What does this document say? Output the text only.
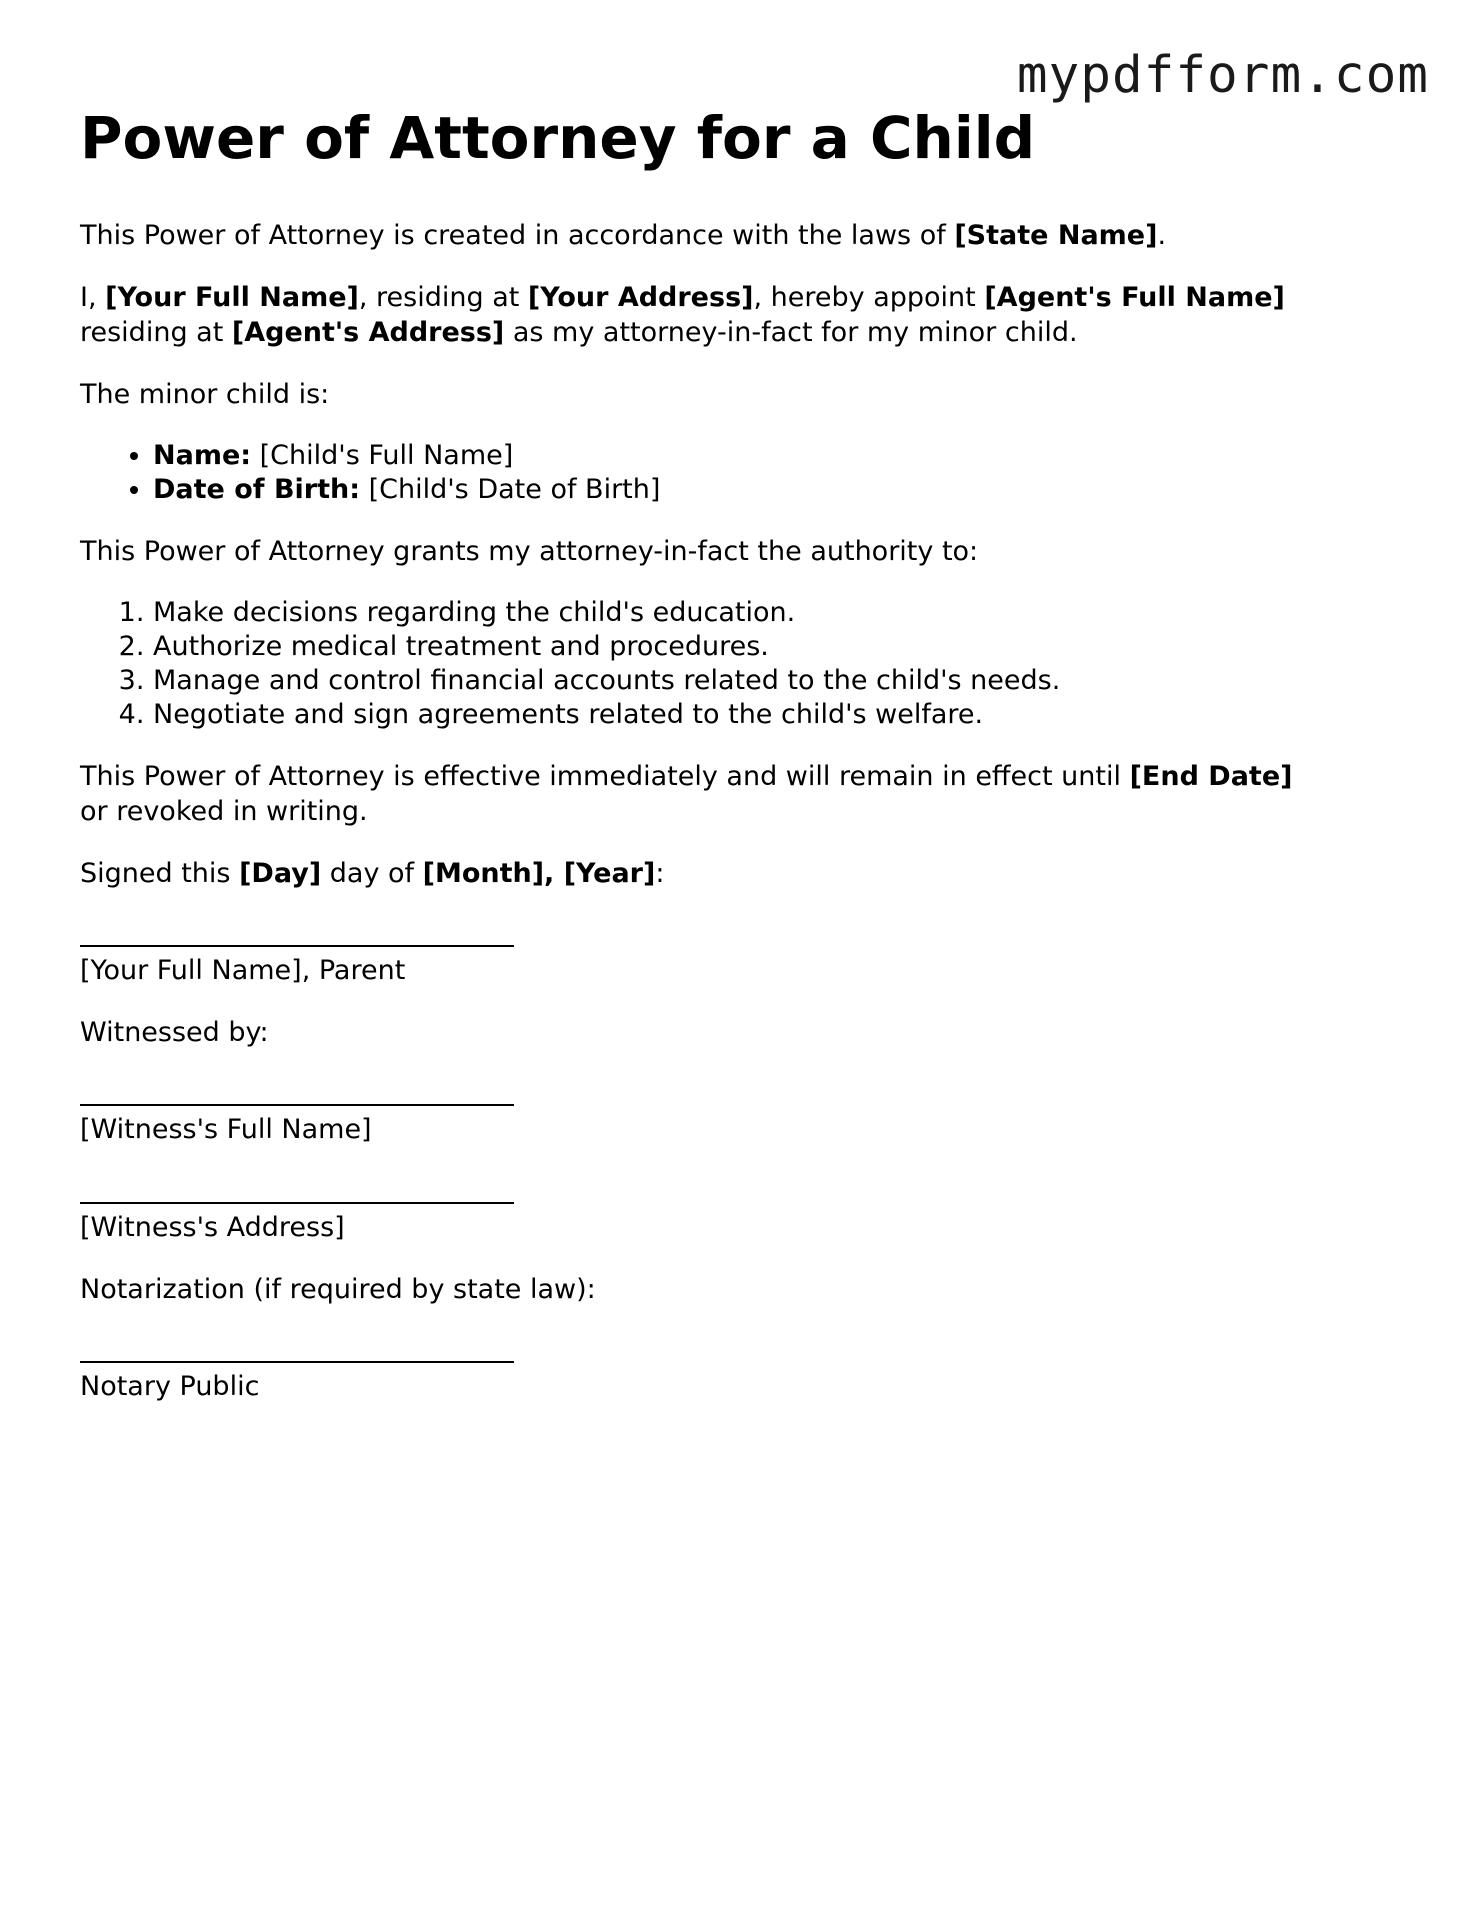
mypdfform.com
Power of Attorney for a Child

This Power of Attorney is created in accordance with the laws of [State Name].

I, [Your Full Name], residing at [Your Address], hereby appoint [Agent's Full Name]
residing at [Agent's Address] as my attorney-in-fact for my minor child.

The minor child is:

• Name: [Child's Full Name]
• Date of Birth: [Child's Date of Birth]

This Power of Attorney grants my attorney-in-fact the authority to:

1. Make decisions regarding the child's education.
2. Authorize medical treatment and procedures.
3. Manage and control financial accounts related to the child's needs.
4. Negotiate and sign agreements related to the child's welfare.

This Power of Attorney is effective immediately and will remain in effect until [End Date]
or revoked in writing.

Signed this [Day] day of [Month], [Year]:

[Your Full Name], Parent

Witnessed by:

[Witness's Full Name]
[Witness's Address]

Notarization (if required by state law):

Notary Public
